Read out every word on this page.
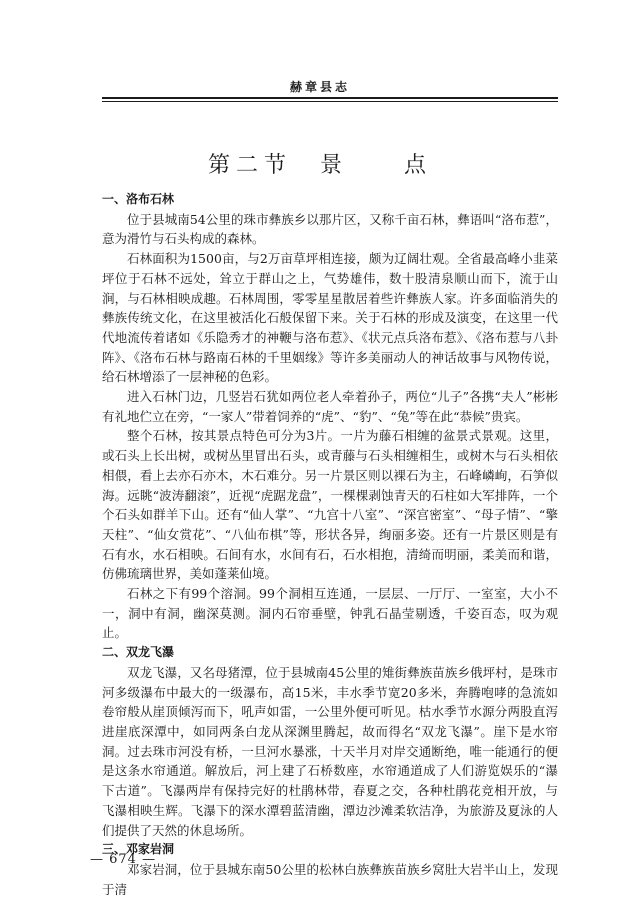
赫章县志
第二节　景　　点
一、洛布石林

位于县城南54公里的珠市彝族乡以那片区，又称千亩石林，彝语叫“洛布惹”，意为滑竹与石头构成的森林。

石林面积为1500亩，与2万亩草坪相连接，颇为辽阔壮观。全省最高峰小韭菜坪位于石林不远处，耸立于群山之上，气势雄伟，数十股清泉顺山而下，流于山涧，与石林相映成趣。石林周围，零零星星散居着些许彝族人家。许多面临消失的彝族传统文化，在这里被活化石般保留下来。关于石林的形成及演变，在这里一代代地流传着诸如《乐隐秀才的神鞭与洛布惹》、《状元点兵洛布惹》、《洛布惹与八卦阵》、《洛布石林与路南石林的千里姻缘》等许多美丽动人的神话故事与风物传说，给石林增添了一层神秘的色彩。

进入石林门边，几竖岩石犹如两位老人牵着孙子，两位“儿子”各携“夫人”彬彬有礼地伫立在旁，“一家人”带着饲养的“虎”、“豹”、“兔”等在此“恭候”贵宾。

整个石林，按其景点特色可分为3片。一片为藤石相缠的盆景式景观。这里，或石头上长出树，或树丛里冒出石头，或青藤与石头相缠相生，或树木与石头相依相偎，看上去亦石亦木，木石难分。另一片景区则以裸石为主，石峰嶙峋，石笋似海。远眺“波涛翻滚”，近视“虎踞龙盘”，一棵棵剥蚀青天的石柱如大军排阵，一个个石头如群羊下山。还有“仙人掌”、“九宫十八室”、“深宫密室”、“母子情”、“擎天柱”、“仙女赏花”、“八仙布棋”等，形状各异，绚丽多姿。还有一片景区则是有石有水，水石相映。石间有水，水间有石，石水相抱，清绮而明丽，柔美而和谐，仿佛琉璃世界，美如蓬莱仙境。

石林之下有99个溶洞。99个洞相互连通，一层层、一厅厅、一室室，大小不一，洞中有洞，幽深莫测。洞内石帘垂壁，钟乳石晶莹剔透，千姿百态，叹为观止。

二、双龙飞瀑

双龙飞瀑，又名母猪潭，位于县城南45公里的雉街彝族苗族乡俄坪村，是珠市河多级瀑布中最大的一级瀑布，高15米，丰水季节宽20多米，奔腾咆哮的急流如卷帘般从崖顶倾泻而下，吼声如雷，一公里外便可听见。枯水季节水源分两股直泻进崖底深潭中，如同两条白龙从深渊里腾起，故而得名“双龙飞瀑”。崖下是水帘洞。过去珠市河没有桥，一旦河水暴涨，十天半月对岸交通断绝，唯一能通行的便是这条水帘通道。解放后，河上建了石桥数座，水帘通道成了人们游览娱乐的“瀑下古道”。飞瀑两岸有保持完好的杜鹃林带，春夏之交，各种杜鹃花竞相开放，与飞瀑相映生辉。飞瀑下的深水潭碧蓝清幽，潭边沙滩柔软洁净，为旅游及夏泳的人们提供了天然的休息场所。

三、邓家岩洞

邓家岩洞，位于县城东南50公里的松林白族彝族苗族乡窝肚大岩半山上，发现于清

— 674 —
